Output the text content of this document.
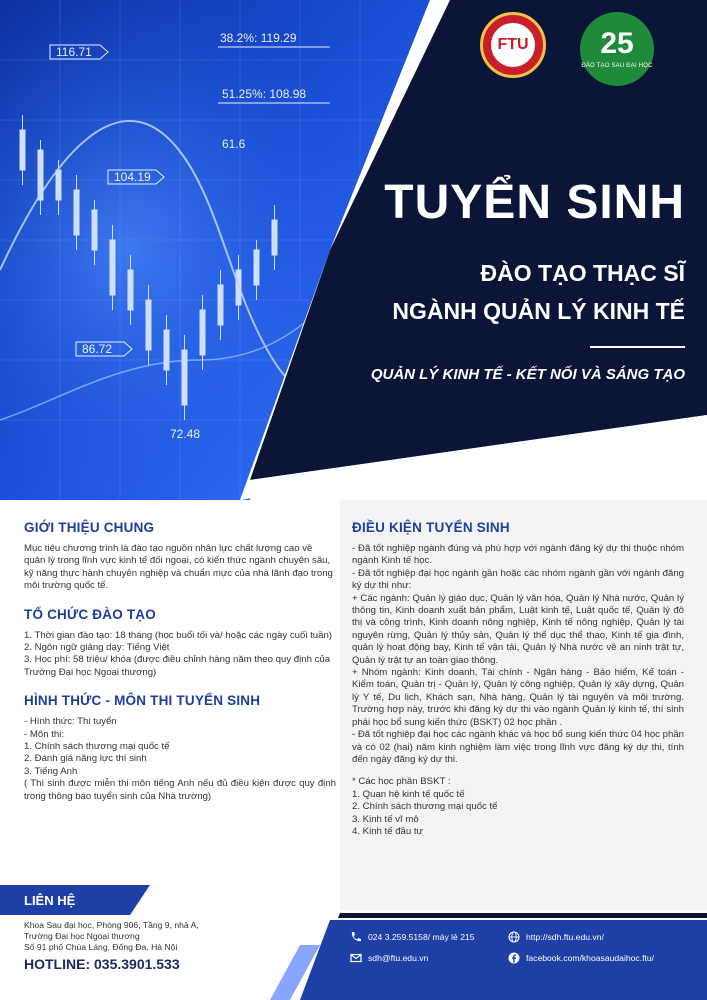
38.2%: 119.29
51.25%: 108.98
61.6
116.71
104.19
86.72
72.48
FTU 25
ĐÀO TẠO SAU ĐẠI HỌC
TUYỂN SINH
ĐÀO TẠO THẠC SĨ
NGÀNH QUẢN LÝ KINH TẾ
QUẢN LÝ KINH TẾ - KẾT NỐI VÀ SÁNG TẠO
GIỚI THIỆU CHUNG
Mục tiêu chương trình là đào tạo nguồn nhân lực chất lượng cao về quản lý trong lĩnh vực kinh tế đối ngoại, có kiến thức ngành chuyên sâu, kỹ năng thực hành chuyên nghiệp và chuẩn mực của nhà lãnh đạo trong môi trường quốc tế.
TỔ CHỨC ĐÀO TẠO
1. Thời gian đào tạo: 18 tháng (học buổi tối và/ hoặc các ngày cuối tuần)
2. Ngôn ngữ giảng dạy: Tiếng Việt
3. Học phí: 58 triệu/ khóa (được điều chỉnh hàng năm theo quy định của Trường Đại học Ngoại thương)
HÌNH THỨC - MÔN THI TUYỂN SINH
- Hình thức: Thi tuyển
- Môn thi:
1. Chính sách thương mại quốc tế
2. Đánh giá năng lực thí sinh
3. Tiếng Anh
( Thí sinh được miễn thi môn tiếng Anh nếu đủ điều kiện được quy định trong thông báo tuyển sinh của Nhà trường)
ĐIỀU KIỆN TUYỂN SINH
- Đã tốt nghiệp ngành đúng và phù hợp với ngành đăng ký dự thi thuộc nhóm ngành Kinh tế học.
- Đã tốt nghiệp đại học ngành gần hoặc các nhóm ngành gần với ngành đăng ký dự thi như:
+ Các ngành: Quản lý giáo dục, Quản lý văn hóa, Quản lý Nhà nước, Quản lý thông tin, Kinh doanh xuất bản phẩm, Luật kinh tế, Luật quốc tế, Quản lý đô thị và công trình, Kinh doanh nông nghiệp, Kinh tế nông nghiệp, Quản lý tài nguyên rừng, Quản lý thủy sản, Quản lý thể dục thể thao, Kinh tế gia đình, quản lý hoạt động bay, Kinh tế vận tải, Quản lý Nhà nước về an ninh trật tự, Quản lý trật tự an toàn giao thông.
+ Nhóm ngành: Kinh doanh, Tài chính - Ngân hàng - Bảo hiểm, Kế toán - Kiểm toán, Quản trị - Quản lý, Quản lý công nghiệp, Quản lý xây dựng, Quản lý Y tế, Du lịch, Khách sạn, Nhà hàng, Quản lý tài nguyên và môi trường. Trường hợp này, trước khi đăng ký dự thi vào ngành Quản lý kinh tế, thí sinh phải học bổ sung kiến thức (BSKT) 02 học phần .
- Đã tốt nghiệp đại học các ngành khác và học bổ sung kiến thức 04 học phần và có 02 (hai) năm kinh nghiệm làm việc trong lĩnh vực đăng ký dự thi, tính đến ngày đăng ký dự thi.
* Các học phần BSKT :
1. Quan hệ kinh tế quốc tế
2. Chính sách thương mại quốc tế
3. Kinh tế vĩ mô
4. Kinh tế đầu tư
LIÊN HỆ
Khoa Sau đại học, Phòng 906, Tầng 9, nhà A,
Trường Đại học Ngoại thương
Số 91 phố Chùa Láng, Đống Đa, Hà Nội
HOTLINE: 035.3901.533
024 3.259.5158/ máy lẻ 215
sdh@ftu.edu.vn
http://sdh.ftu.edu.vn/
facebook.com/khoasaudaihoc.ftu/
